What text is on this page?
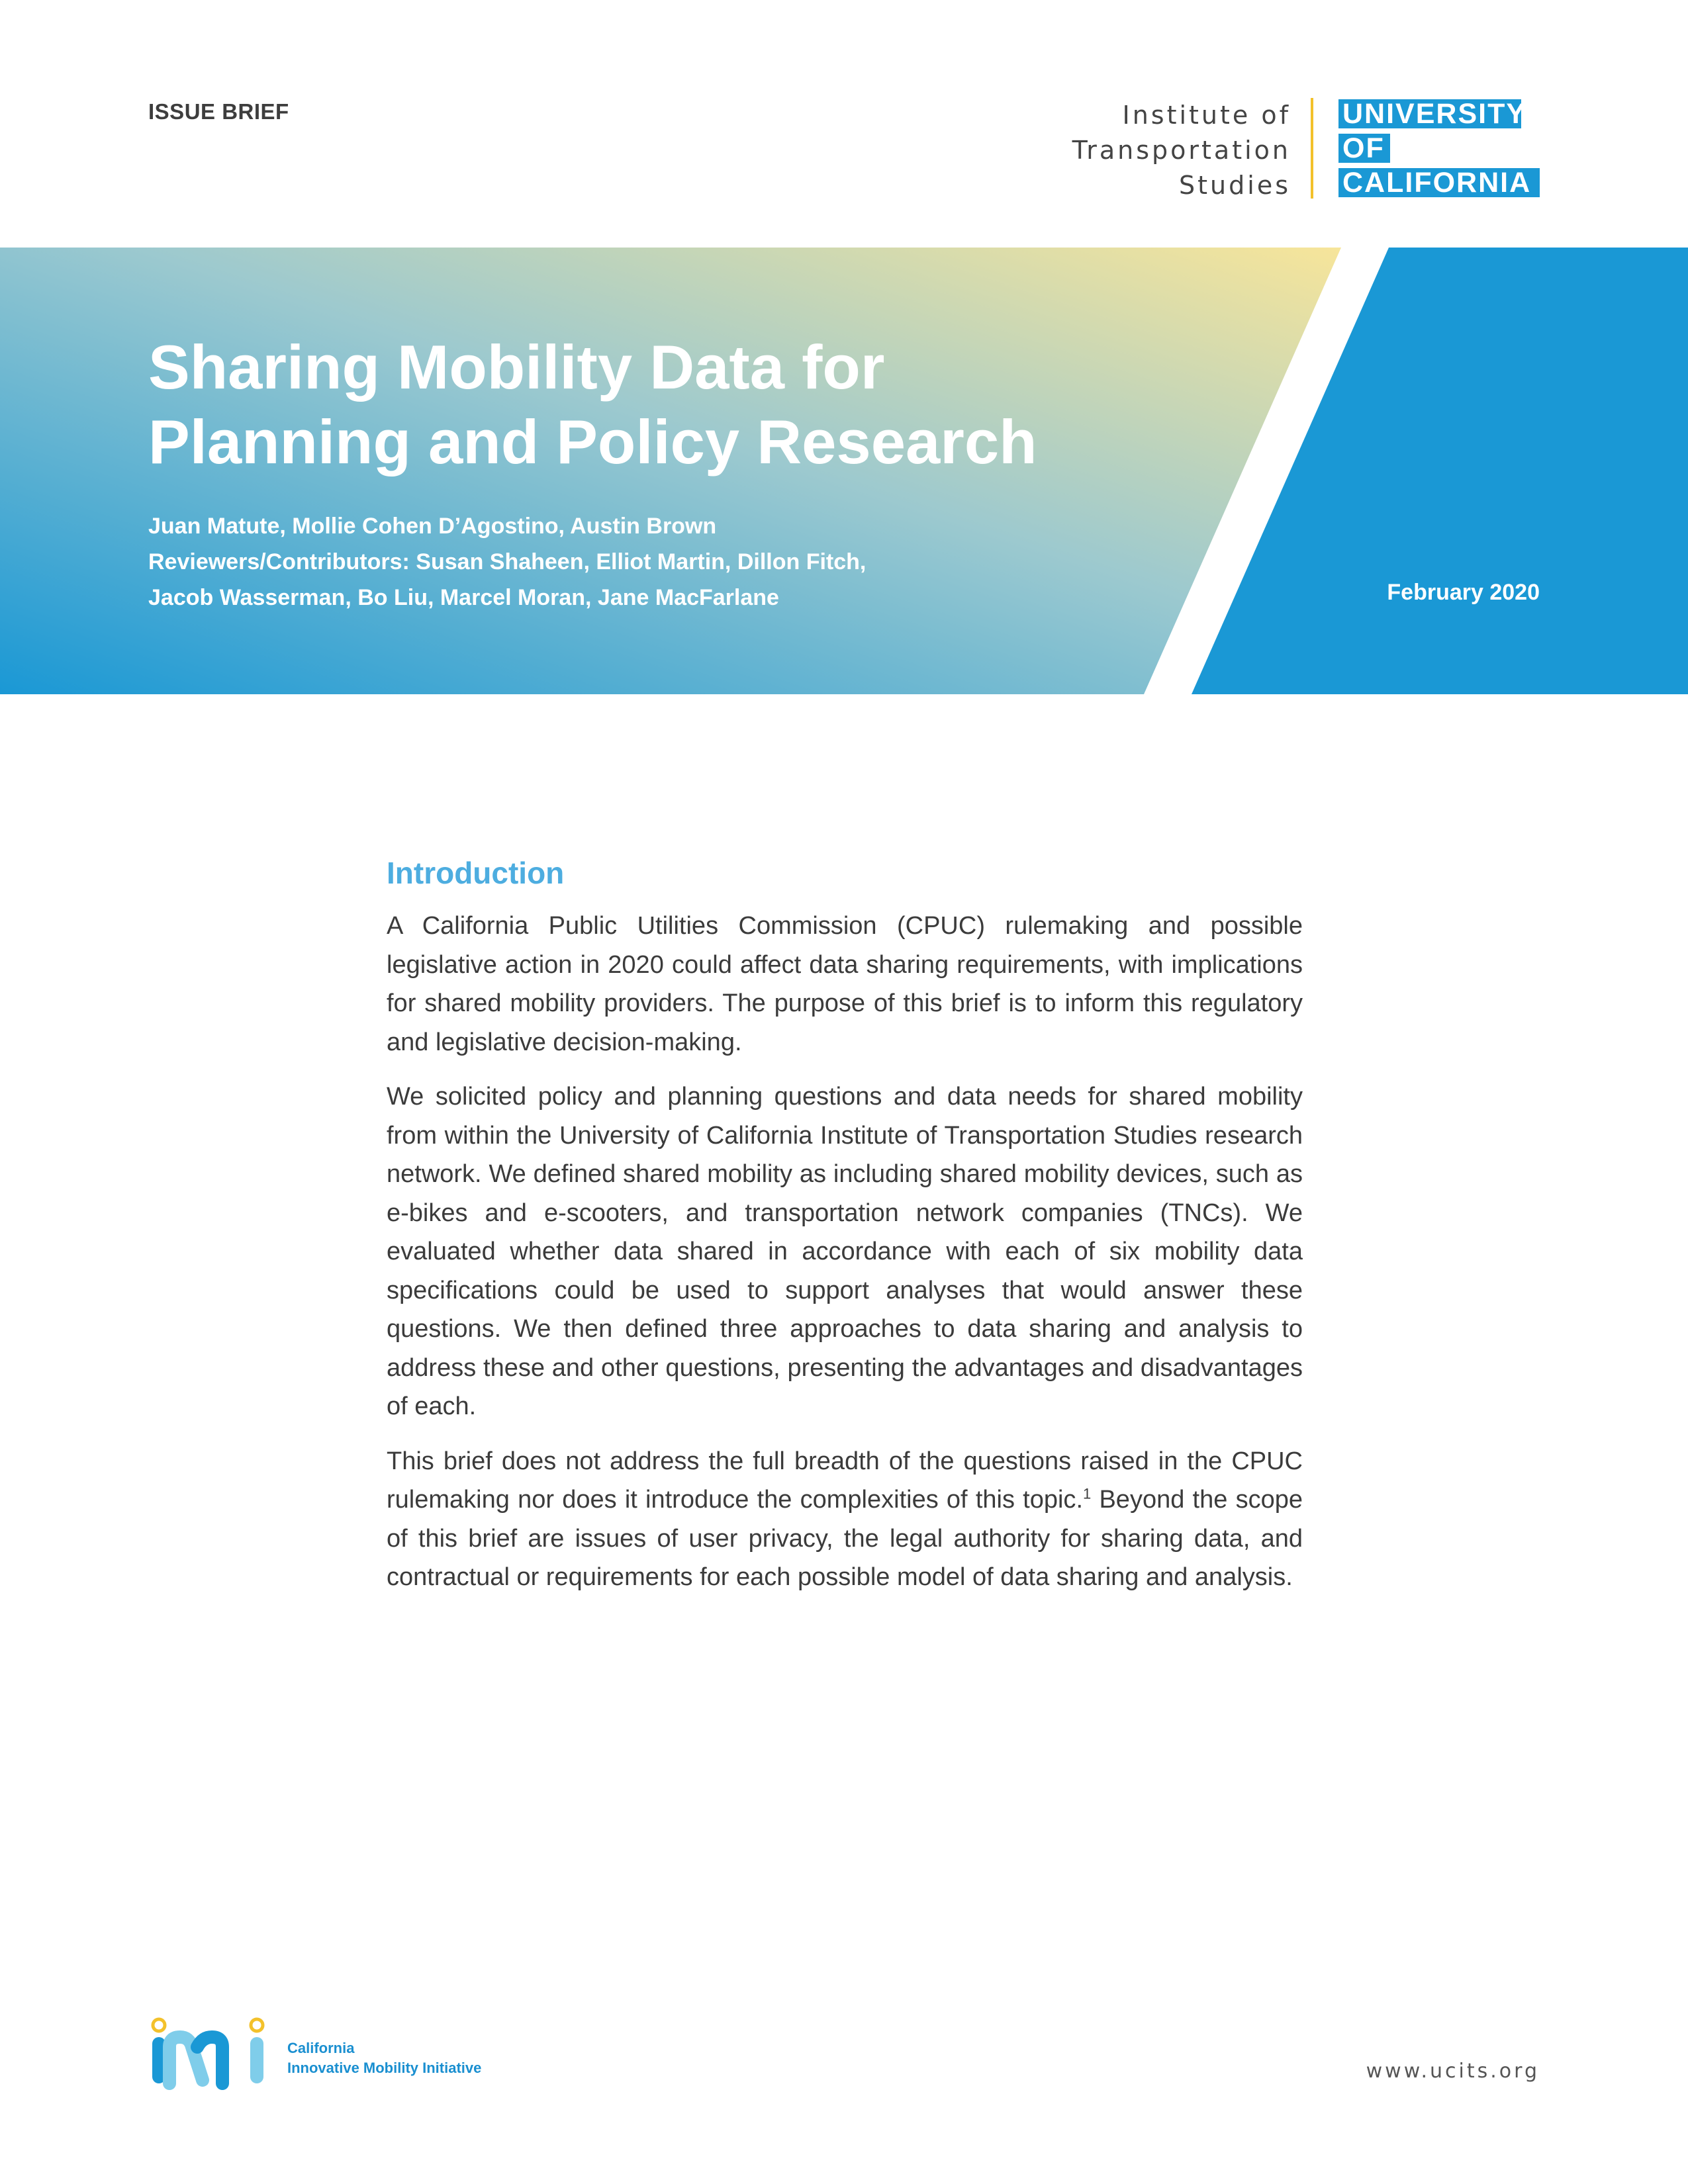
ISSUE BRIEF	Institute of
Transportation
Studies
UNIVERSITY
OF
CALIFORNIA
Sharing Mobility Data for
Planning and Policy Research
Juan Matute, Mollie Cohen D’Agostino, Austin Brown
Reviewers/Contributors: Susan Shaheen, Elliot Martin, Dillon Fitch,
Jacob Wasserman, Bo Liu, Marcel Moran, Jane MacFarlane	February 2020
Introduction

A California Public Utilities Commission (CPUC) rulemaking and possible legislative action in 2020 could affect data sharing requirements, with implications for shared mobility providers. The purpose of this brief is to inform this regulatory and legislative decision-making.

We solicited policy and planning questions and data needs for shared mobility from within the University of California Institute of Transportation Studies research network. We defined shared mobility as including shared mobility devices, such as e-bikes and e-scooters, and transportation network companies (TNCs). We evaluated whether data shared in accordance with each of six mobility data specifications could be used to support analyses that would answer these questions. We then defined three approaches to data sharing and analysis to address these and other questions, presenting the advantages and disadvantages of each.

This brief does not address the full breadth of the questions raised in the CPUC rulemaking nor does it introduce the complexities of this topic.$^1$ Beyond the scope of this brief are issues of user privacy, the legal authority for sharing data, and contractual or requirements for each possible model of data sharing and analysis.

California
Innovative Mobility Initiative	www.ucits.org
